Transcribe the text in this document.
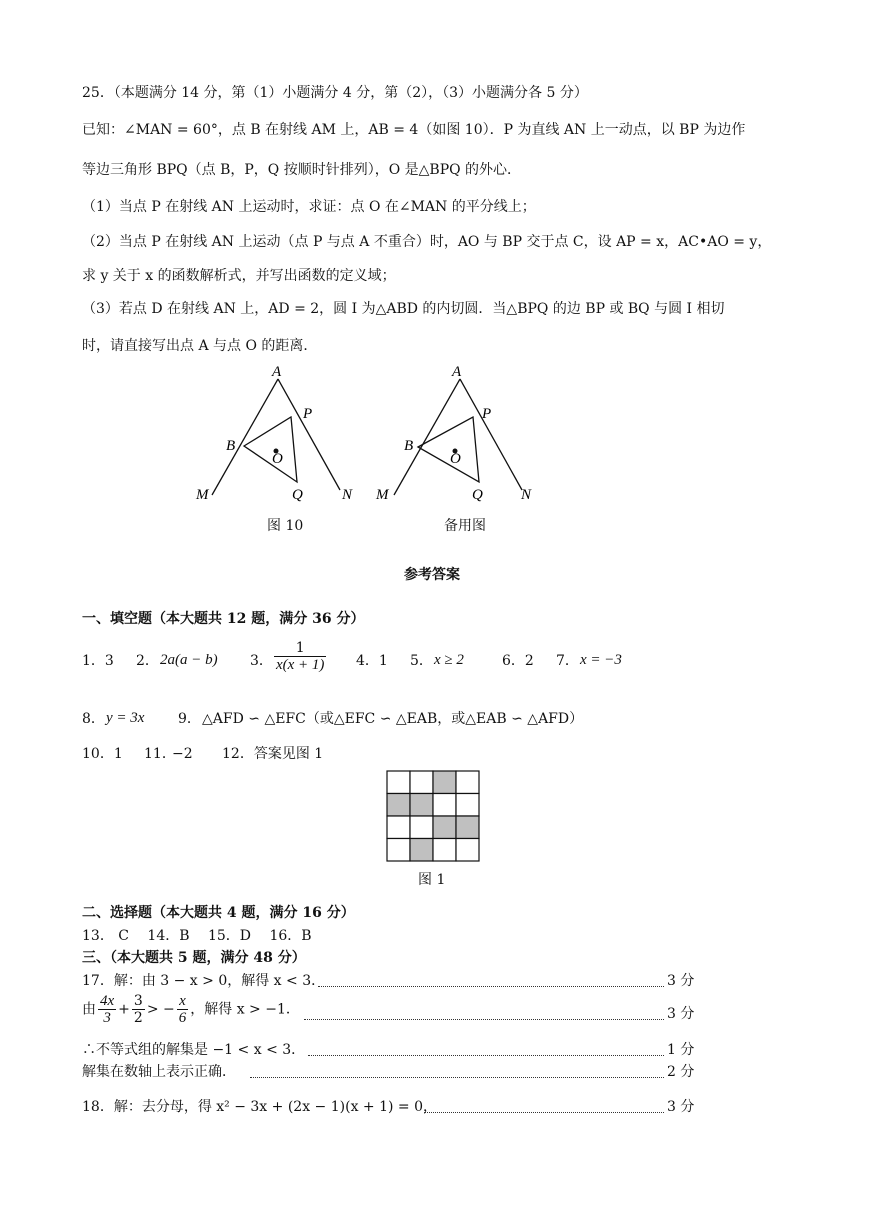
25．（本题满分 14 分，第（1）小题满分 4 分，第（2），（3）小题满分各 5 分）
已知：∠MAN = 60°，点 B 在射线 AM 上，AB = 4（如图 10）．P 为直线 AN 上一动点，以 BP 为边作
等边三角形 BPQ（点 B，P，Q 按顺时针排列），O 是△BPQ 的外心．
（1）当点 P 在射线 AN 上运动时，求证：点 O 在∠MAN 的平分线上；
（2）当点 P 在射线 AN 上运动（点 P 与点 A 不重合）时，AO 与 BP 交于点 C，设 AP = x，AC•AO = y，
求 y 关于 x 的函数解析式，并写出函数的定义域；
（3）若点 D 在射线 AN 上，AD = 2，圆 I 为△ABD 的内切圆．当△BPQ 的边 BP 或 BQ 与圆 I 相切
时，请直接写出点 A 与点 O 的距离．
A
P
B
O
Q
M	N
图 10
A
P
B
O
Q
M	N
备用图
参考答案
一、填空题（本大题共 12 题，满分 36 分）
1．3 2． 2a(a − b) 3． $\frac{1}{x(x + 1)} 4$．1 5． x ≥ 2	6．2 7． x = −3
8． y = 3x 9． △AFD ∽ △EFC（或△EFC ∽ △EAB，或△EAB ∽ △AFD）
10．1 11．
−2 12．答案见图 1
图 1
二、选择题（本大题共 4 题，满分 16 分）
13． C　 14．B　 15．D　 16．B
三、（本大题共 5 题，满分 48 分）
17．解：由 3 − x > 0，解得 x < 3．	3 分
由 $\frac{4x}{3} + \frac{3}{2}$ > − $\frac{x}{6}$ ，解得 x > −1．	3 分
∴不等式组的解集是 −1 < x < 3．	1 分
解集在数轴上表示正确．	2 分
18．解：去分母，得 x² − 3x + (2x − 1)(x + 1) = 0，	3 分
